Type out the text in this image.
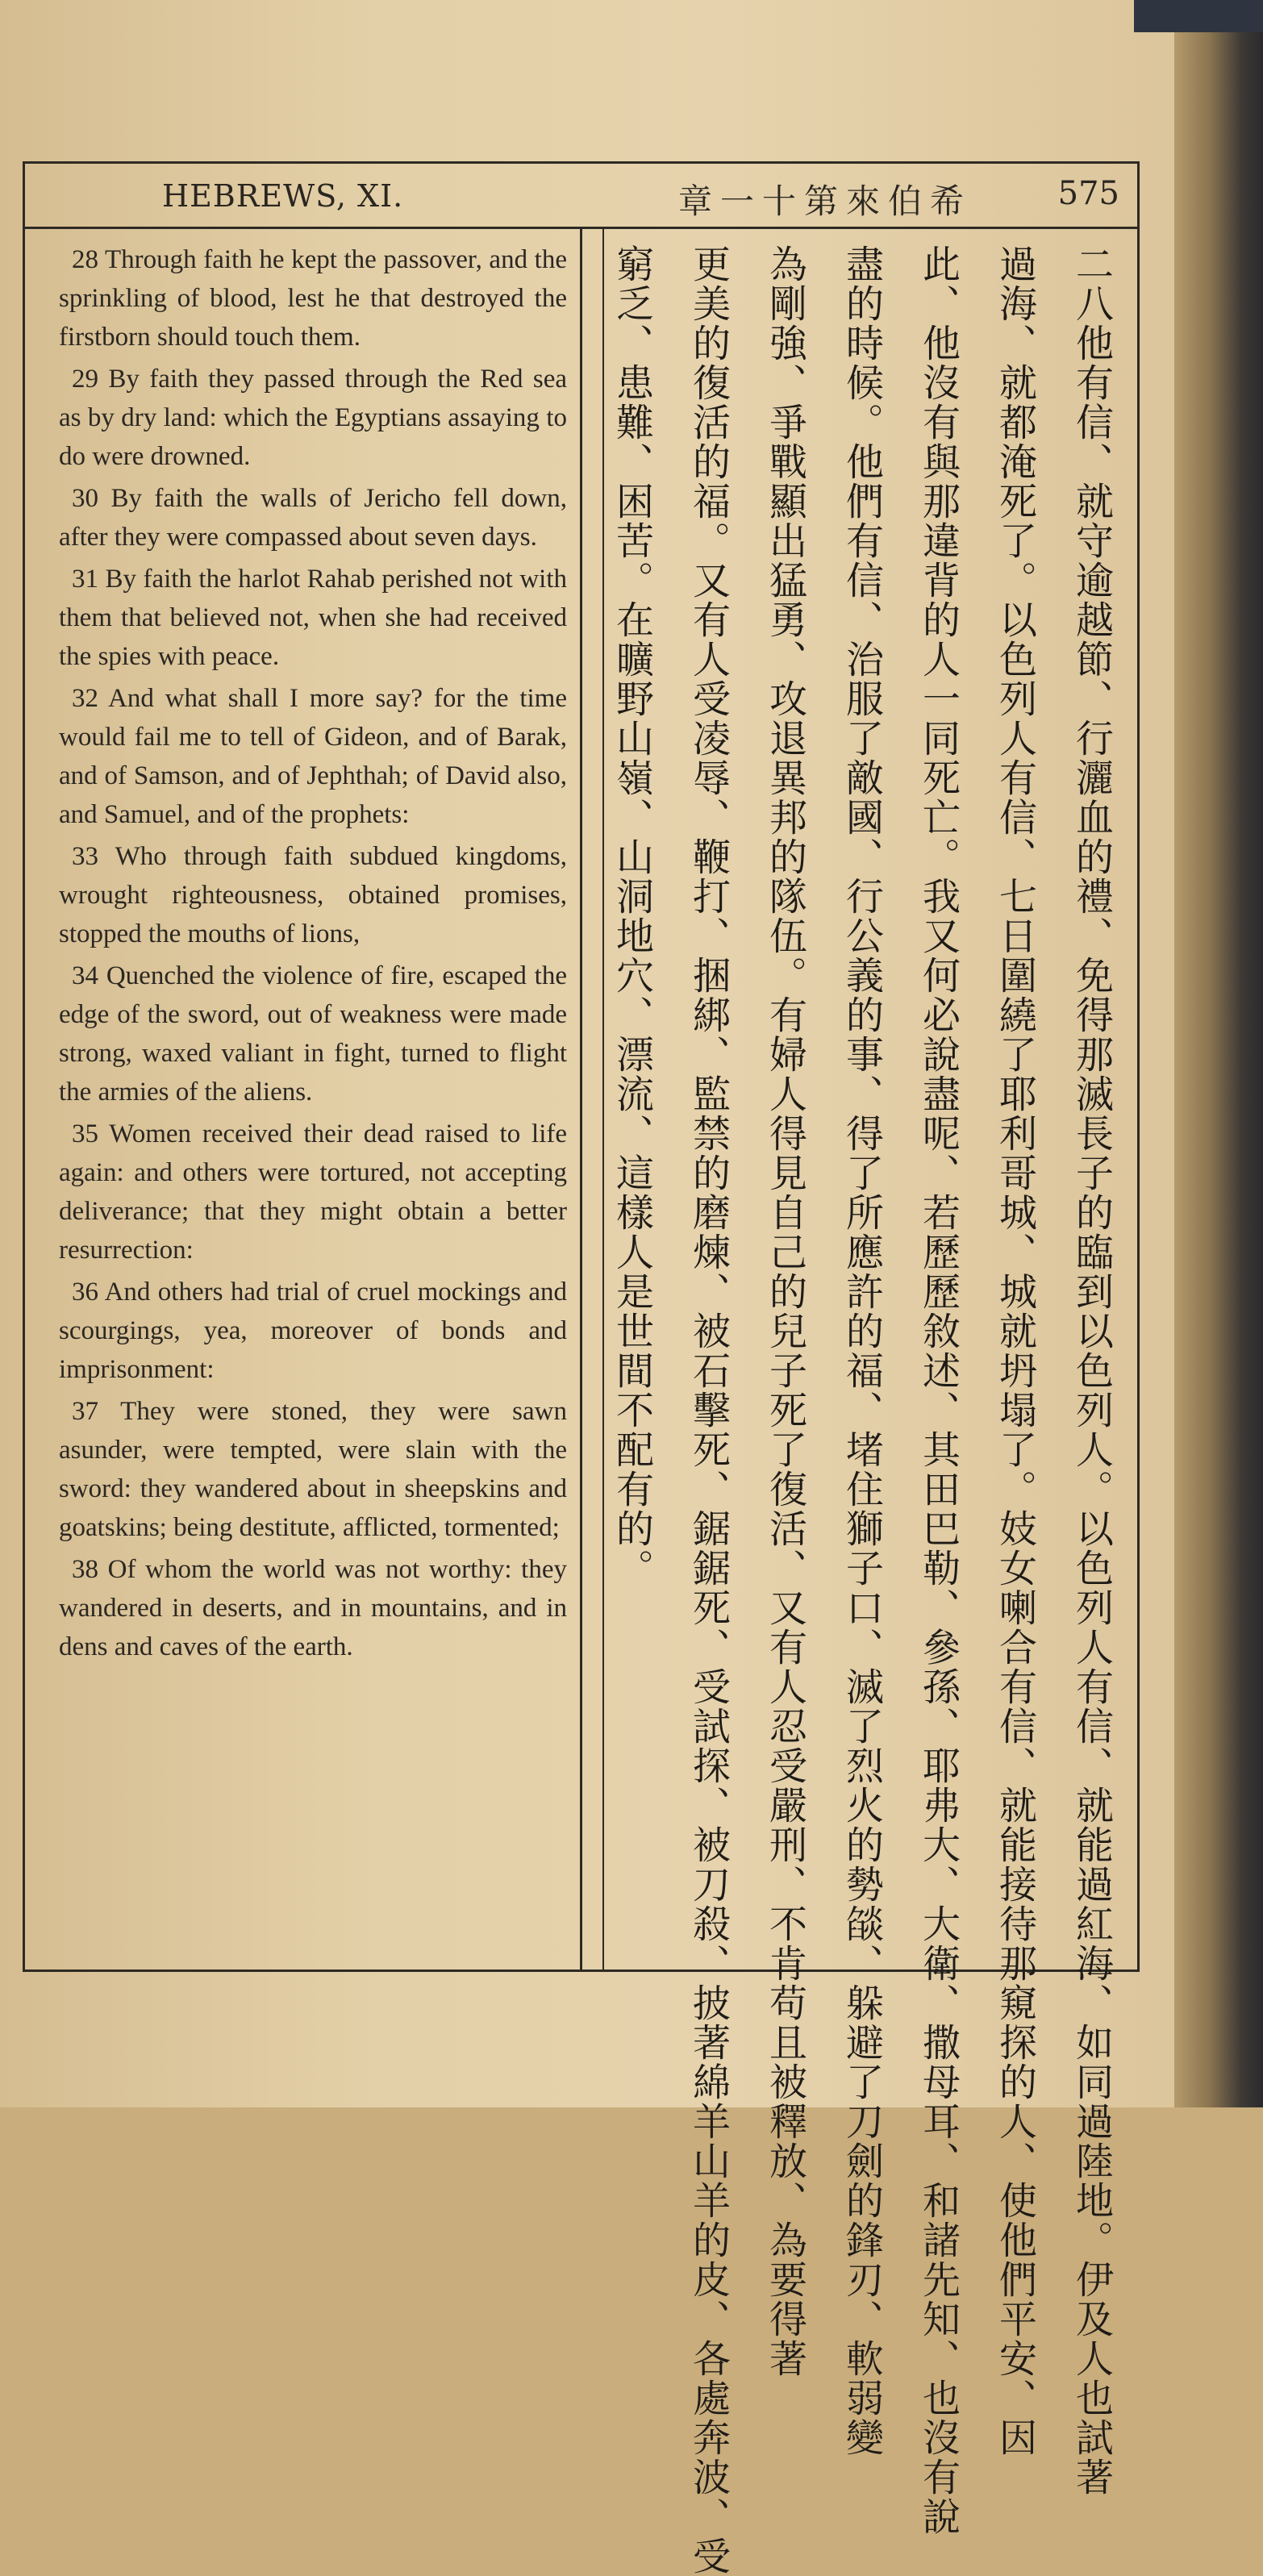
HEBREWS, XI.	章一十第來伯希	575

28 Through faith he kept the passover, and the sprinkling of blood, lest he that destroyed the firstborn should touch them.

29 By faith they passed through the Red sea as by dry land: which the Egyptians assaying to do were drowned.

30 By faith the walls of Jericho fell down, after they were compassed about seven days.

31 By faith the harlot Rahab perished not with them that believed not, when she had received the spies with peace.

32 And what shall I more say? for the time would fail me to tell of Gideon, and of Barak, and of Samson, and of Jephthah; of David also, and Samuel, and of the prophets:

33 Who through faith subdued kingdoms, wrought righteousness, obtained promises, stopped the mouths of lions,

34 Quenched the violence of fire, escaped the edge of the sword, out of weakness were made strong, waxed valiant in fight, turned to flight the armies of the aliens.

35 Women received their dead raised to life again: and others were tortured, not accepting deliverance; that they might obtain a better resurrection:

36 And others had trial of cruel mockings and scourgings, yea, moreover of bonds and imprisonment:

37 They were stoned, they were sawn asunder, were tempted, were slain with the sword: they wandered about in sheepskins and goatskins; being destitute, afflicted, tormented;

38 Of whom the world was not worthy: they wandered in deserts, and in mountains, and in dens and caves of the earth.	二八他有信、就守逾越節、行灑血的禮、免得那滅長子的臨到以色列人。以色列人有信、就能過紅海、如同過陸地。伊及人也試著
過海、就都淹死了。以色列人有信、七日圍繞了耶利哥城、城就坍塌了。妓女喇合有信、就能接待那窺探的人、使他們平安、因
此、他沒有與那違背的人一同死亡。我又何必說盡呢、若歷歷敘述、其田巴勒、參孫、耶弗大、大衛、撒母耳、和諸先知、也沒有說
盡的時候。他們有信、治服了敵國、行公義的事、得了所應許的福、堵住獅子口、滅了烈火的勢燄、躲避了刀劍的鋒刃、軟弱變
為剛強、爭戰顯出猛勇、攻退異邦的隊伍。有婦人得見自己的兒子死了復活、又有人忍受嚴刑、不肯苟且被釋放、為要得著
更美的復活的福。又有人受凌辱、鞭打、捆綁、監禁的磨煉、被石擊死、鋸鋸死、受試探、被刀殺、披著綿羊山羊的皮、各處奔波、受
窮乏、患難、困苦。在曠野山嶺、山洞地穴、漂流、這樣人是世間不配有的。
